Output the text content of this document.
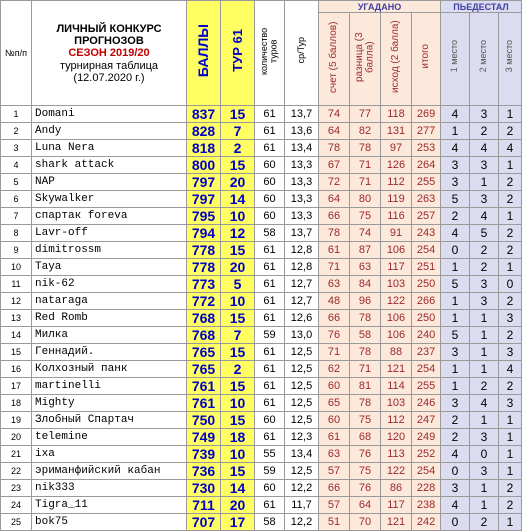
№п/п	ЛИЧНЫЙ КОНКУРС
ПРОГНОЗОВ
СЕЗОН 2019/20
турнирная таблица
(12.07.2020 г.)	БАЛЛЫ	ТУР 61	количество туров	ср/Тур	УГАДАНО				ПЬЕДЕСТАЛ		
						счет (5 баллов)	разница (3 балла)	исход (2 балла)	итого	1 место	2 место	3 место
1	Domani	837	15	61	13,7	74	77	118	269	4	3	1
2	Andy	828	7	61	13,6	64	82	131	277	1	2	2
3	Luna Nera	818	2	61	13,4	78	78	97	253	4	4	4
4	shark attack	800	15	60	13,3	67	71	126	264	3	3	1
5	NAP	797	20	60	13,3	72	71	112	255	3	1	2
6	Skywalker	797	14	60	13,3	64	80	119	263	5	3	2
7	спартак foreva	795	10	60	13,3	66	75	116	257	2	4	1
8	Lavr-off	794	12	58	13,7	78	74	91	243	4	5	2
9	dimitrossm	778	15	61	12,8	61	87	106	254	0	2	2
10	Taya	778	20	61	12,8	71	63	117	251	1	2	1
11	nik-62	773	5	61	12,7	63	84	103	250	5	3	0
12	nataraga	772	10	61	12,7	48	96	122	266	1	3	2
13	Red Romb	768	15	61	12,6	66	78	106	250	1	1	3
14	Милка	768	7	59	13,0	76	58	106	240	5	1	2
15	Геннадий.	765	15	61	12,5	71	78	88	237	3	1	3
16	Колхозный панк	765	2	61	12,5	62	71	121	254	1	1	4
17	martinelli	761	15	61	12,5	60	81	114	255	1	2	2
18	Mighty	761	10	61	12,5	65	78	103	246	3	4	3
19	Злобный Спартач	750	15	60	12,5	60	75	112	247	2	1	1
20	telemine	749	18	61	12,3	61	68	120	249	2	3	1
21	ixa	739	10	55	13,4	63	76	113	252	4	0	1
22	эриманфийский кабан	736	15	59	12,5	57	75	122	254	0	3	1
23	nik333	730	14	60	12,2	66	76	86	228	3	1	2
24	Tigra_11	711	20	61	11,7	57	64	117	238	4	1	2
25	bok75	707	17	58	12,2	51	70	121	242	0	2	1
